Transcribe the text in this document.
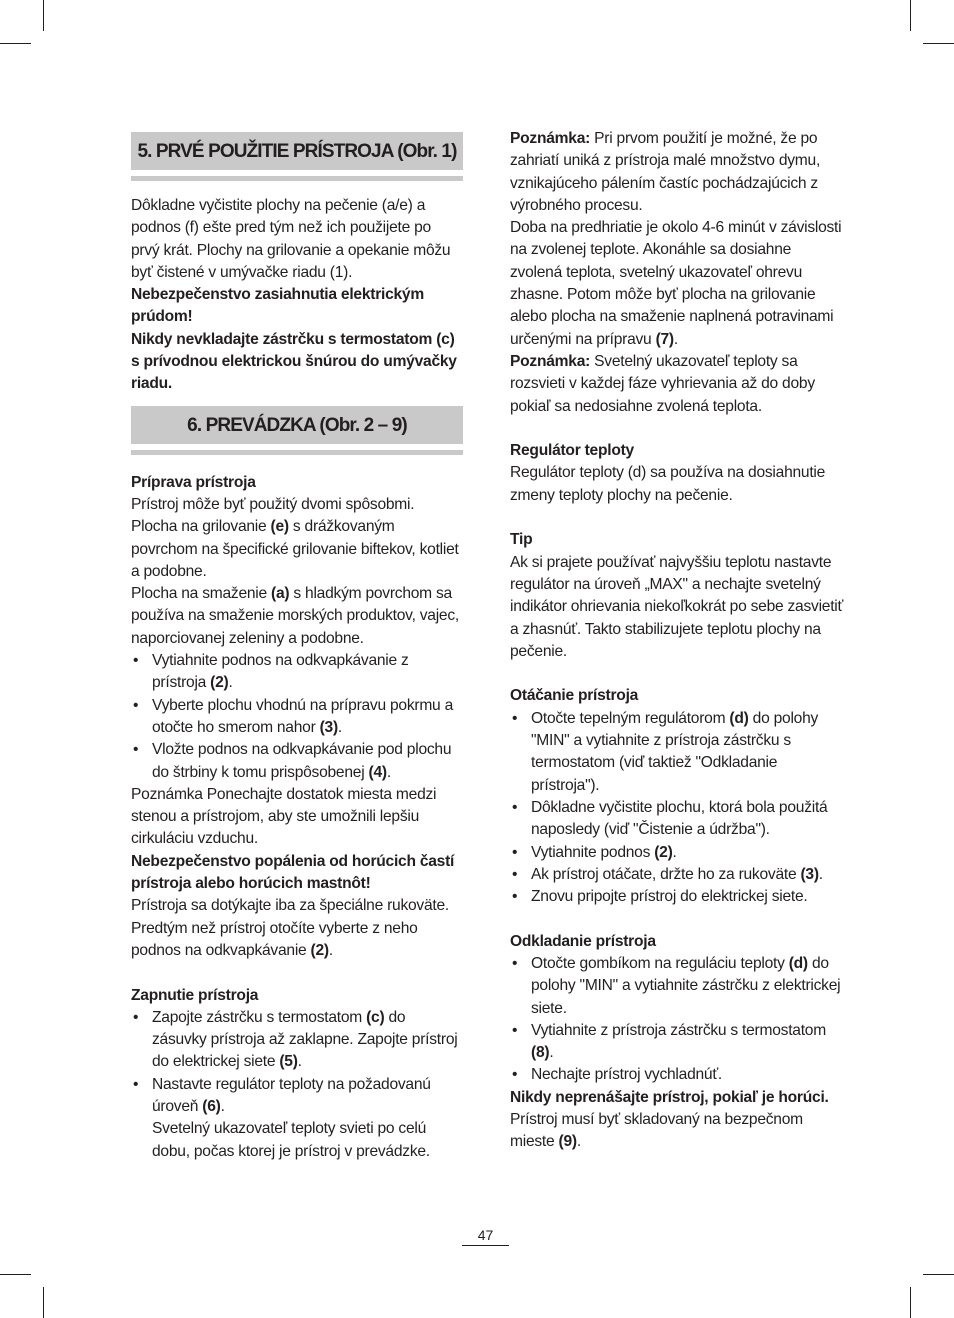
5. PRVÉ POUŽITIE PRÍSTROJA (Obr. 1)

Dôkladne vyčistite plochy na pečenie (a/e) a podnos (f) ešte pred tým než ich použijete po prvý krát. Plochy na grilovanie a opekanie môžu byť čistené v umývačke riadu (1).

Nebezpečenstvo zasiahnutia elektrickým prúdom!

Nikdy nevkladajte zástrčku s termostatom (c) s prívodnou elektrickou šnúrou do umývačky riadu.

6. PREVÁDZKA (Obr. 2 – 9)

Príprava prístroja

Prístroj môže byť použitý dvomi spôsobmi.

Plocha na grilovanie (e) s drážkovaným povrchom na špecifické grilovanie biftekov, kotliet a podobne.

Plocha na smaženie (a) s hladkým povrchom sa používa na smaženie morských produktov, vajec, naporciovanej zeleniny a podobne.

• Vytiahnite podnos na odkvapkávanie z prístroja (2).
• Vyberte plochu vhodnú na prípravu pokrmu a otočte ho smerom nahor (3).
• Vložte podnos na odkvapkávanie pod plochu do štrbiny k tomu prispôsobenej (4).

Poznámka Ponechajte dostatok miesta medzi stenou a prístrojom, aby ste umožnili lepšiu cirkuláciu vzduchu.

Nebezpečenstvo popálenia od horúcich častí prístroja alebo horúcich mastnôt!

Prístroja sa dotýkajte iba za špeciálne rukoväte.

Predtým než prístroj otočíte vyberte z neho podnos na odkvapkávanie (2).

Zapnutie prístroja

• Zapojte zástrčku s termostatom (c) do zásuvky prístroja až zaklapne. Zapojte prístroj do elektrickej siete (5).
• Nastavte regulátor teploty na požadovanú úroveň (6).
Svetelný ukazovateľ teploty svieti po celú dobu, počas ktorej je prístroj v prevádzke.

Poznámka: Pri prvom použití je možné, že po zahriatí uniká z prístroja malé množstvo dymu, vznikajúceho pálením častíc pochádzajúcich z výrobného procesu.

Doba na predhriatie je okolo 4-6 minút v závislosti na zvolenej teplote. Akonáhle sa dosiahne zvolená teplota, svetelný ukazovateľ ohrevu zhasne. Potom môže byť plocha na grilovanie alebo plocha na smaženie naplnená potravinami určenými na prípravu (7).

Poznámka: Svetelný ukazovateľ teploty sa rozsvieti v každej fáze vyhrievania až do doby pokiaľ sa nedosiahne zvolená teplota.

Regulátor teploty

Regulátor teploty (d) sa používa na dosiahnutie zmeny teploty plochy na pečenie.

Tip

Ak si prajete používať najvyššiu teplotu nastavte regulátor na úroveň „MAX" a nechajte svetelný indikátor ohrievania niekoľkokrát po sebe zasvietiť a zhasnúť. Takto stabilizujete teplotu plochy na pečenie.

Otáčanie prístroja

• Otočte tepelným regulátorom (d) do polohy "MIN" a vytiahnite z prístroja zástrčku s termostatom (viď taktiež "Odkladanie prístroja").
• Dôkladne vyčistite plochu, ktorá bola použitá naposledy (viď "Čistenie a údržba").
• Vytiahnite podnos (2).
• Ak prístroj otáčate, držte ho za rukoväte (3).
• Znovu pripojte prístroj do elektrickej siete.

Odkladanie prístroja

• Otočte gombíkom na reguláciu teploty (d) do polohy "MIN" a vytiahnite zástrčku z elektrickej siete.
• Vytiahnite z prístroja zástrčku s termostatom (8).
• Nechajte prístroj vychladnúť.

Nikdy neprenášajte prístroj, pokiaľ je horúci. Prístroj musí byť skladovaný na bezpečnom mieste (9).

47
